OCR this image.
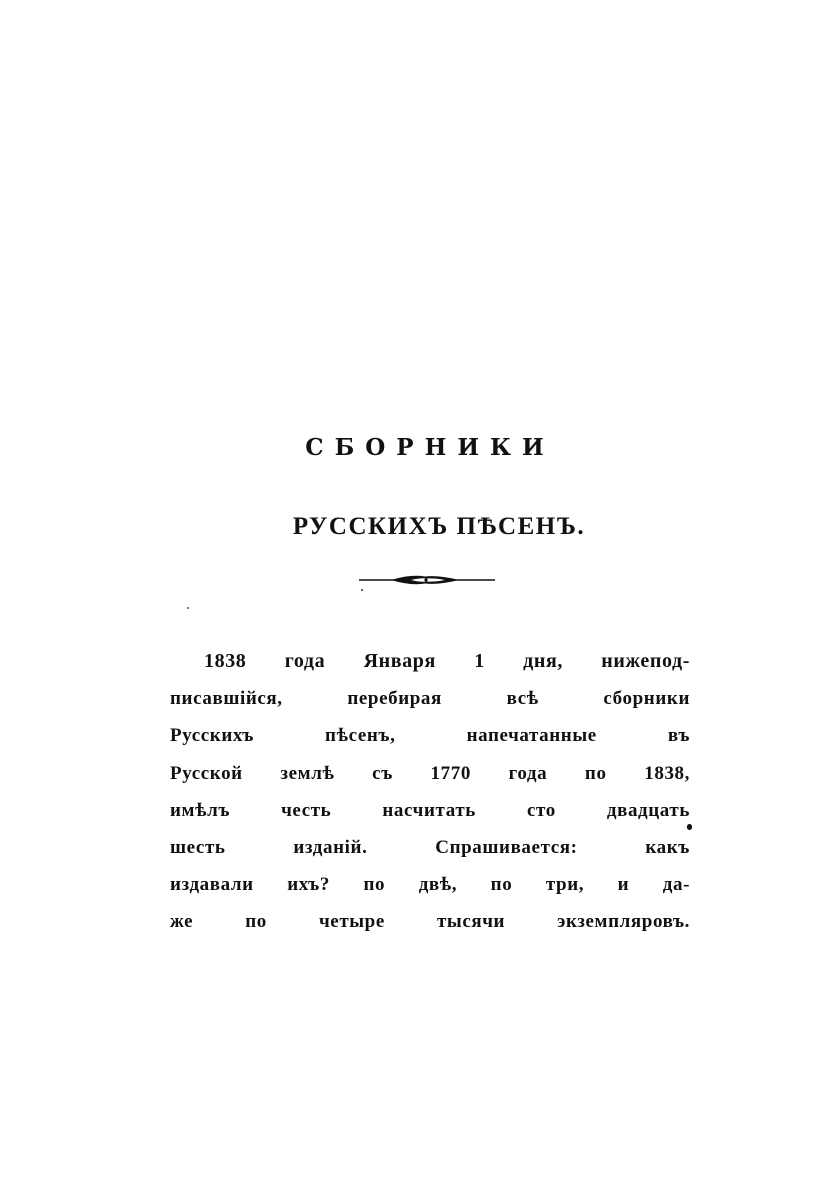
СБОРНИКИ
РУССКИХЪ ПѢСЕНЪ.
1838 года Января 1 дня, нижепод-
писавшійся, перебирая всѣ сборники
Русскихъ пѣсенъ, напечатанные въ
Русской землѣ съ 1770 года по 1838,
имѣлъ честь насчитать сто двадцать
шесть изданій. Спрашивается: какъ
издавали ихъ? по двѣ, по три, и да-
же по четыре тысячи экземпляровъ.
